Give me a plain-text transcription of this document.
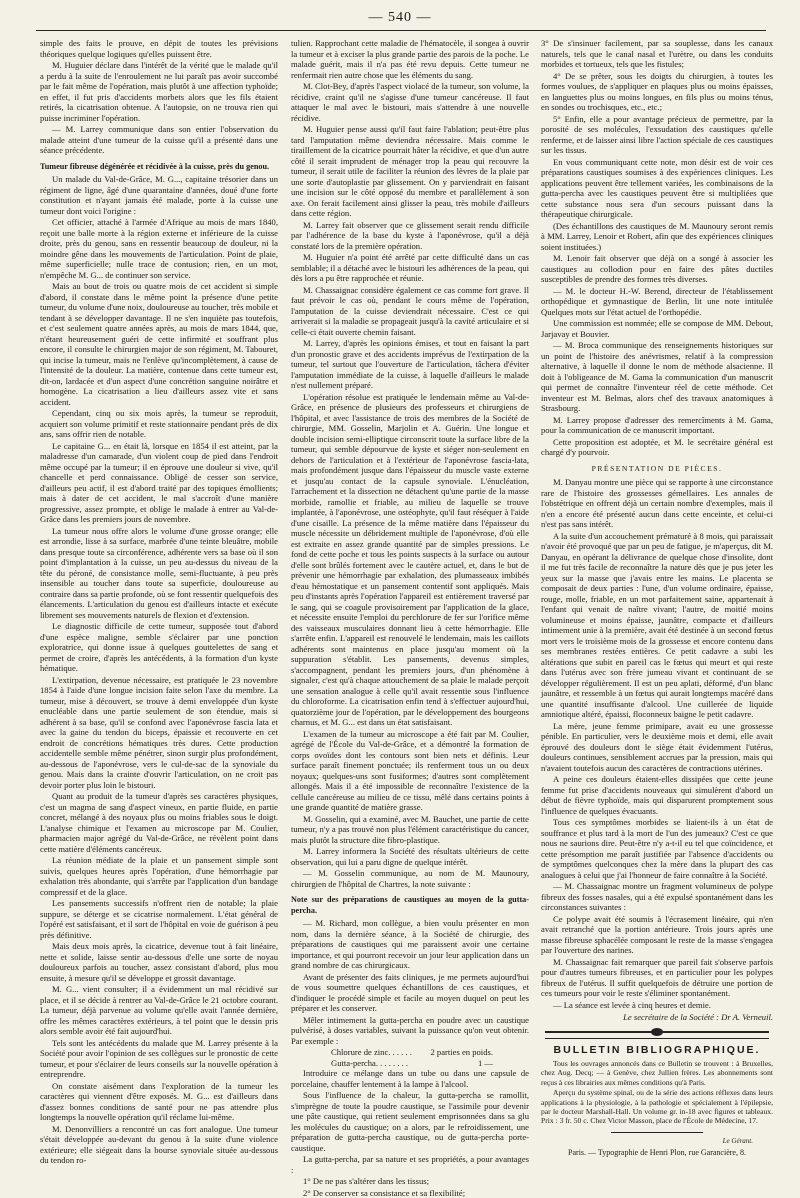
— 540 —

simple des faits le prouve, en dépit de toutes les prévisions théoriques quelque logiques qu'elles puissent être.

M. Huguier déclare dans l'intérêt de la vérité que le malade qu'il a perdu à la suite de l'enroulement ne lui paraît pas avoir succombé par le fait même de l'opération, mais plutôt à une affection typhoïde; en effet, il fut pris d'accidents morbets alors que les fils étaient retirés, la cicatrisation obtenue. A l'autopsie, on ne trouva rien qui puisse incriminer l'opération.

— M. Larrey communique dans son entier l'observation du malade atteint d'une tumeur de la cuisse qu'il a présenté dans une séance précédente.

Tumeur fibreuse dégénérée et récidivée à la cuisse, près du genou.

Un malade du Val-de-Grâce, M. G..., capitaine trésorier dans un régiment de ligne, âgé d'une quarantaine d'années, doué d'une forte constitution et n'ayant jamais été malade, porte à la cuisse une tumeur dont voici l'origine :

Cet officier, attaché à l'armée d'Afrique au mois de mars 1840, reçoit une balle morte à la région externe et inférieure de la cuisse droite, près du genou, sans en ressentir beaucoup de douleur, ni la moindre gêne dans les mouvements de l'articulation. Point de plaie, même superficielle; nulle trace de contusion; rien, en un mot, n'empêche M. G... de continuer son service.

Mais au bout de trois ou quatre mois de cet accident si simple d'abord, il constate dans le même point la présence d'une petite tumeur, du volume d'une noix, douloureuse au toucher, très mobile et tendant à se développer davantage. Il ne s'en inquiète pas toutefois, et c'est seulement quatre années après, au mois de mars 1844, que, n'étant heureusement guéri de cette infirmité et souffrant plus encore, il consulte le chirurgien major de son régiment, M. Tabouret, qui incise la tumeur, mais ne l'enlève qu'incomplètement, à cause de l'intensité de la douleur. La matière, contenue dans cette tumeur est, dit-on, lardacée et d'un aspect d'une concrétion sanguine noirâtre et homogène. La cicatrisation a lieu d'ailleurs assez vite et sans accident.

Cependant, cinq ou six mois après, la tumeur se reproduit, acquiert son volume primitif et reste stationnaire pendant près de dix ans, sans offrir rien de notable.

Le capitaine G... en était là, lorsque en 1854 il est atteint, par la maladresse d'un camarade, d'un violent coup de pied dans l'endroit même occupé par la tumeur; il en éprouve une douleur si vive, qu'il chancelle et perd connaissance. Obligé de cesser son service, d'ailleurs peu actif, il est d'abord traité par des topiques émollients; mais à dater de cet accident, le mal s'accroît d'une manière progressive, assez prompte, et oblige le malade à entrer au Val-de-Grâce dans les premiers jours de novembre.

La tumeur nous offre alors le volume d'une grosse orange; elle est arrondie, lisse à sa surface, marbrée d'une teinte bleuâtre, mobile dans presque toute sa circonférence, adhérente vers sa base où il son point d'implantation à la cuisse, un peu au-dessus du niveau de la tête du péroné, de consistance molle, semi-fluctuante, à peu près insensible au toucher dans toute sa superficie, douloureuse au contraire dans sa partie profonde, où se font ressentir quelquefois des élancements. L'articulation du genou est d'ailleurs intacte et exécute librement ses mouvements naturels de flexion et d'extension.

Le diagnostic difficile de cette tumeur, supposée tout d'abord d'une espèce maligne, semble s'éclairer par une ponction exploratrice, qui donne issue à quelques gouttelettes de sang et permet de croire, d'après les antécédents, à la formation d'un kyste hématique.

L'extirpation, devenue nécessaire, est pratiquée le 23 novembre 1854 à l'aide d'une longue incision faite selon l'axe du membre. La tumeur, mise à découvert, se trouve à demi enveloppée d'un kyste enucléable dans une partie seulement de son étendue, mais si adhérent à sa base, qu'il se confond avec l'aponévrose fascia lata et avec la gaine du tendon du biceps, épaissie et recouverte en cet endroit de concrétions hématiques très dures. Cette production accidentelle semble même pénétrer, sinon surgir plus profondément, au-dessous de l'aponévrose, vers le cul-de-sac de la synoviale du genou. Mais dans la crainte d'ouvrir l'articulation, on ne croit pas devoir porter plus loin le bistouri.

Quant au produit de la tumeur d'après ses caractères physiques, c'est un magma de sang d'aspect vineux, en partie fluide, en partie concret, mélangé à des noyaux plus ou moins friables sous le doigt. L'analyse chimique et l'examen au microscope par M. Coulier, pharmacien major agrégé du Val-de-Grâce, ne révèlent point dans cette matière d'éléments cancéreux.

La réunion médiate de la plaie et un pansement simple sont suivis, quelques heures après l'opération, d'une hémorrhagie par exhalation très abondante, qui s'arrête par l'application d'un bandage compressif et de la glace.

Les pansements successifs n'offrent rien de notable; la plaie suppure, se déterge et se cicatrise normalement. L'état général de l'opéré est satisfaisant, et il sort de l'hôpital en voie de guérison à peu près définitive.

Mais deux mois après, la cicatrice, devenue tout à fait linéaire, nette et solide, laisse sentir au-dessous d'elle une sorte de noyau douloureux parfois au toucher, assez consistant d'abord, plus mou ensuite, à mesure qu'il se développe et grossit davantage.

M. G... vient consulter; il a évidemment un mal récidivé sur place, et il se décide à rentrer au Val-de-Grâce le 21 octobre courant. La tumeur, déjà parvenue au volume qu'elle avait l'année dernière, offre les mêmes caractères extérieurs, à tel point que le dessin pris alors semble avoir été fait aujourd'hui.

Tels sont les antécédents du malade que M. Larrey présente à la Société pour avoir l'opinion de ses collègues sur le pronostic de cette tumeur, et pour s'éclairer de leurs conseils sur la nouvelle opération à entreprendre.

On constate aisément dans l'exploration de la tumeur les caractères qui viennent d'être exposés. M. G... est d'ailleurs dans d'assez bonnes conditions de santé pour ne pas attendre plus longtemps la nouvelle opération qu'il réclame lui-même.

M. Denonvilliers a rencontré un cas fort analogue. Une tumeur s'était développée au-devant du genou à la suite d'une violence extérieure; elle siégeait dans la bourse synoviale située au-dessous du tendon ro-

tulien. Rapprochant cette maladie de l'hématocèle, il songea à ouvrir la tumeur et à exciser la plus grande partie des parois de la poche. Le malade guérit, mais il n'a pas été revu depuis. Cette tumeur ne renfermait rien autre chose que les éléments du sang.

M. Clot-Bey, d'après l'aspect violacé de la tumeur, son volume, la récidive, craint qu'il ne s'agisse d'une tumeur cancéreuse. Il faut attaquer le mal avec le bistouri, mais s'attendre à une nouvelle récidive.

M. Huguier pense aussi qu'il faut faire l'ablation; peut-être plus tard l'amputation même deviendra nécessaire. Mais comme le tiraillement de la cicatrice pourrait hâter la récidive, et que d'un autre côté il serait imprudent de ménager trop la peau qui recouvre la tumeur, il serait utile de faciliter la réunion des lèvres de la plaie par une sorte d'autoplastie par glissement. On y parviendrait en faisant une incision sur le côté opposé du membre et parallèlement à son axe. On ferait facilement ainsi glisser la peau, très mobile d'ailleurs dans cette région.

M. Larrey fait observer que ce glissement serait rendu difficile par l'adhérence de la base du kyste à l'aponévrose, qu'il a déjà constaté lors de la première opération.

M. Huguier n'a point été arrêté par cette difficulté dans un cas semblable; il a détaché avec le bistouri les adhérences de la peau, qui dès lors a pu être rapprochée et réunie.

M. Chassaignac considère également ce cas comme fort grave. Il faut prévoir le cas où, pendant le cours même de l'opération, l'amputation de la cuisse deviendrait nécessaire. C'est ce qui arriverait si la maladie se propageait jusqu'à la cavité articulaire et si celle-ci était ouverte chemin faisant.

M. Larrey, d'après les opinions émises, et tout en faisant la part d'un pronostic grave et des accidents imprévus de l'extirpation de la tumeur, tel surtout que l'ouverture de l'articulation, tâchera d'éviter l'amputation immédiate de la cuisse, à laquelle d'ailleurs le malade n'est nullement préparé.

L'opération résolue est pratiquée le lendemain même au Val-de-Grâce, en présence de plusieurs des professeurs et chirurgiens de l'hôpital, et avec l'assistance de trois des membres de la Société de chirurgie, MM. Gosselin, Marjolin et A. Guérin. Une longue et double incision semi-elliptique circonscrit toute la surface libre de la tumeur, qui semble dépourvue de kyste et siéger non-seulement en dehors de l'articulation et à l'extérieur de l'aponévrose fascia-lata, mais profondément jusque dans l'épaisseur du muscle vaste externe et jusqu'au contact de la capsule synoviale. L'énucléation, l'arrachement et la dissection ne détachent qu'une partie de la masse morbide, ramollie et friable, au milieu de laquelle se trouve implantée, à l'aponévrose, une ostéophyte, qu'il faut réséquer à l'aide d'une cisaille. La présence de la même matière dans l'épaisseur du muscle nécessite un débridement multiple de l'aponévrose, d'où elle est extraite en assez grande quantité par de simples pressions. Le fond de cette poche et tous les points suspects à la surface ou autour d'elle sont brûlés fortement avec le cautère actuel, et, dans le but de prévenir une hémorrhagie par exhalation, des plumasseaux imbibés d'eau hémostatique et un pansement contentif sont appliqués. Mais peu d'instants après l'opération l'appareil est entièrement traversé par le sang, qui se coagule provisoirement par l'application de la glace, et nécessite ensuite l'emploi du perchlorure de fer sur l'orifice même des vaisseaux musculaires donnant lieu à cette hémorrhagie. Elle s'arrête enfin. L'appareil est renouvelé le lendemain, mais les caillots adhérents sont maintenus en place jusqu'au moment où la suppuration s'établit. Les pansements, devenus simples, s'accompagnent, pendant les premiers jours, d'un phénomène à signaler, c'est qu'à chaque attouchement de sa plaie le malade perçoit une sensation analogue à celle qu'il avait ressentie sous l'influence du chloroforme. La cicatrisation enfin tend à s'effectuer aujourd'hui, quatorzième jour de l'opération, par le développement des bourgeons charnus, et M. G... est dans un état satisfaisant.

L'examen de la tumeur au microscope a été fait par M. Coulier, agrégé de l'École du Val-de-Grâce, et a démontré la formation de corps ovoïdes dont les contours sont bien nets et définis. Leur surface paraît finement ponctuée; ils renferment tous un ou deux noyaux; quelques-uns sont fusiformes; d'autres sont complètement allongés. Mais il a été impossible de reconnaître l'existence de la cellule cancéreuse au milieu de ce tissu, mêlé dans certains points à une grande quantité de matière grasse.

M. Gosselin, qui a examiné, avec M. Bauchet, une partie de cette tumeur, n'y a pas trouvé non plus l'élément caractéristique du cancer, mais plutôt la structure dite fibro-plastique.

M. Larrey informera la Société des résultats ultérieurs de cette observation, qui lui a paru digne de quelque intérêt.

— M. Gosselin communique, au nom de M. Maunoury, chirurgien de l'hôpital de Chartres, la note suivante :

Note sur des préparations de caustiques au moyen de la gutta-percha.

— M. Richard, mon collègue, a bien voulu présenter en mon nom, dans la dernière séance, à la Société de chirurgie, des préparations de caustiques qui me paraissent avoir une certaine importance, et qui pourront recevoir un jour leur application dans un grand nombre de cas chirurgicaux.

Avant de présenter des faits cliniques, je me permets aujourd'hui de vous soumettre quelques échantillons de ces caustiques, et d'indiquer le procédé simple et facile au moyen duquel on peut les préparer et les conserver.

Mêler intimement la gutta-percha en poudre avec un caustique pulvérisé, à doses variables, suivant la puissance qu'on veut obtenir. Par exemple :

Chlorure de zinc. . . . . . 2 parties en poids.
Gutta-percha. . . . . . . .	1 —

Introduire ce mélange dans un tube ou dans une capsule de porcelaine, chauffer lentement à la lampe à l'alcool.

Sous l'influence de la chaleur, la gutta-percha se ramollit, s'imprègne de toute la poudre caustique, se l'assimile pour devenir une pâte caustique, qui retient seulement emprisonnées dans sa glu les molécules du caustique; on a alors, par le refroidissement, une préparation de gutta-percha caustique, ou de gutta-percha porte-caustique.

La gutta-percha, par sa nature et ses propriétés, a pour avantages :

1° De ne pas s'altérer dans les tissus;

2° De conserver sa consistance et sa flexibilité;

3° De s'insinuer facilement, par sa souplesse, dans les canaux naturels, tels que le canal nasal et l'urètre, ou dans les conduits morbides et tortueux, tels que les fistules;

4° De se prêter, sous les doigts du chirurgien, à toutes les formes voulues, de s'appliquer en plaques plus ou moins épaisses, en languettes plus ou moins longues, en fils plus ou moins ténus, en sondes ou trochisques, etc., etc.;

5° Enfin, elle a pour avantage précieux de permettre, par la porosité de ses molécules, l'exsudation des caustiques qu'elle renferme, et de laisser ainsi libre l'action spéciale de ces caustiques sur les tissus.

En vous communiquant cette note, mon désir est de voir ces préparations caustiques soumises à des expériences cliniques. Les applications peuvent être tellement variées, les combinaisons de la gutta-percha avec les caustiques peuvent être si multipliées que cette substance nous sera d'un secours puissant dans la thérapeutique chirurgicale.

(Des échantillons des caustiques de M. Maunoury seront remis à MM. Larrey, Lenoir et Robert, afin que des expériences cliniques soient instituées.)

M. Lenoir fait observer que déjà on a songé à associer les caustiques au collodion pour en faire des pâtes ductiles susceptibles de prendre des formes très diverses.

— M. le docteur H.-W. Berend, directeur de l'établissement orthopédique et gymnastique de Berlin, lit une note intitulée Quelques mots sur l'état actuel de l'orthopédie.

Une commission est nommée; elle se compose de MM. Debout, Jarjavay et Bouvier.

— M. Broca communique des renseignements historiques sur un point de l'histoire des anévrismes, relatif à la compression alternative, à laquelle il donne le nom de méthode alsacienne. Il doit à l'obligeance de M. Gama la communication d'un manuscrit qui permet de connaître l'inventeur réel de cette méthode. Cet inventeur est M. Belmas, alors chef des travaux anatomiques à Strasbourg.

M. Larrey propose d'adresser des remercîments à M. Gama, pour la communication de ce manuscrit important.

Cette proposition est adoptée, et M. le secrétaire général est chargé d'y pourvoir.

PRÉSENTATION DE PIÈCES.

M. Danyau montre une pièce qui se rapporte à une circonstance rare de l'histoire des grossesses gémellaires. Les annales de l'obstétrique en offrent déjà un certain nombre d'exemples, mais il n'en a encore été présenté aucun dans cette enceinte, et celui-ci n'est pas sans intérêt.

A la suite d'un accouchement prématuré à 8 mois, qui paraissait n'avoir été provoqué que par un peu de fatigue, je m'aperçus, dit M. Danyau, en opérant la délivrance de quelque chose d'insolite, dont il me fut très facile de reconnaître la nature dès que je pus jeter les yeux sur la masse que j'avais entre les mains. Le placenta se composait de deux parties : l'une, d'un volume ordinaire, épaisse, rouge, molle, friable, en un mot parfaitement saine, appartenait à l'enfant qui venait de naître vivant; l'autre, de moitié moins volumineuse et moins épaisse, jaunâtre, compacte et d'ailleurs intimement unie à la première, avait été destinée à un second fœtus mort vers le troisième mois de la grossesse et encore contenu dans ses membranes restées entières. Ce petit cadavre a subi les altérations que subit en pareil cas le fœtus qui meurt et qui reste dans l'utérus avec son frère jumeau vivant et continuant de se développer régulièrement. Il est un peu aplati, déformé, d'un blanc jaunâtre, et ressemble à un fœtus qui aurait longtemps macéré dans une quantité insuffisante d'alcool. Une cuillerée de liquide amniotique altéré, épaissi, floconneux baigne le petit cadavre.

La mère, jeune femme primipare, avait eu une grossesse pénible. En particulier, vers le deuxième mois et demi, elle avait éprouvé des douleurs dont le siège était évidemment l'utérus, douleurs continues, sensiblement accrues par la pression, mais qui n'avaient toutefois aucun des caractères de contractions utérines.

A peine ces douleurs étaient-elles dissipées que cette jeune femme fut prise d'accidents nouveaux qui simulèrent d'abord un début de fièvre typhoïde, mais qui disparurent promptement sous l'influence de quelques évacuants.

Tous ces symptômes morbides se liaient-ils à un état de souffrance et plus tard à la mort de l'un des jumeaux? C'est ce que nous ne saurions dire. Peut-être n'y a-t-il eu tel que coïncidence, et cette présomption me paraît justifiée par l'absence d'accidents ou de symptômes quelconques chez la mère dans la plupart des cas analogues à celui que j'ai l'honneur de faire connaître à la Société.

— M. Chassaignac montre un fragment volumineux de polype fibreux des fosses nasales, qui a été expulsé spontanément dans les circonstances suivantes :

Ce polype avait été soumis à l'écrasement linéaire, qui n'en avait retranché que la portion antérieure. Trois jours après une masse fibreuse sphacélée composant le reste de la masse s'engagea par l'ouverture des narines.

M. Chassaignac fait remarquer que pareil fait s'observe parfois pour d'autres tumeurs fibreuses, et en particulier pour les polypes fibreux de l'utérus. Il suffit quelquefois de détruire une portion de ces tumeurs pour voir le reste s'éliminer spontanément.

— La séance est levée à cinq heures et demie.

Le secrétaire de la Société : Dr A. Verneuil.

BULLETIN BIBLIOGRAPHIQUE.

Tous les ouvrages annoncés dans ce Bulletin se trouvent : à Bruxelles, chez Aug. Decq; — à Genève, chez Jullien frères. Les abonnements sont reçus à ces librairies aux mêmes conditions qu'à Paris.

Aperçu du système spinal, ou de la série des actions réflexes dans leurs applications à la physiologie, à la pathologie et spécialement à l'épilepsie, par le docteur Marshall-Hall. Un volume gr. in-18 avec figures et tableaux. Prix : 3 fr. 50 c. Chez Victor Masson, place de l'École de Médecine, 17.

Le Gérant.

Paris. — Typographie de Henri Plon, rue Garancière, 8.
